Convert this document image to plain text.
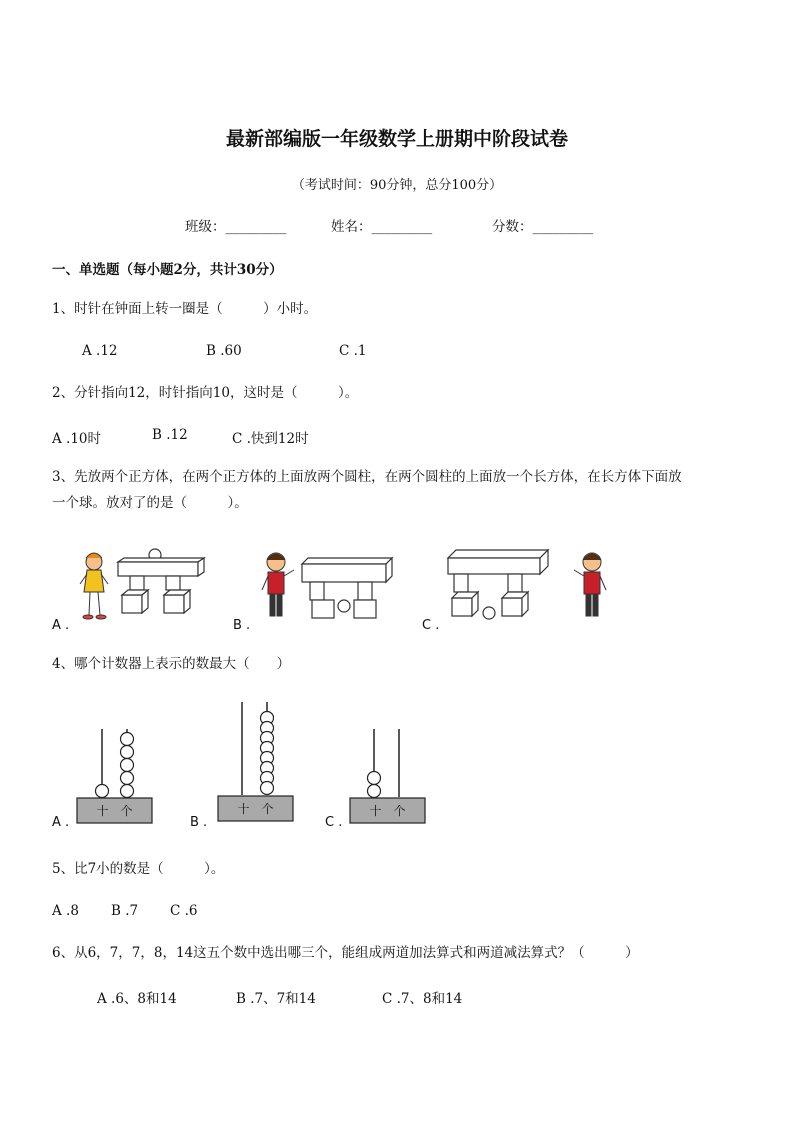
最新部编版一年级数学上册期中阶段试卷
（考试时间：90分钟，总分100分）
班级：_________	姓名：_________	分数：_________
一、单选题（每小题2分，共计30分）
1、时针在钟面上转一圈是（　　　）小时。
A .12	B .60	C .1
2、分针指向12，时针指向10，这时是（　　　）。
A .10时	B .12	C .快到12时
3、先放两个正方体，在两个正方体的上面放两个圆柱，在两个圆柱的上面放一个长方体，在长方体下面放
一个球。放对了的是（　　　）。
A .	B .	C .
4、哪个计数器上表示的数最大（　　）
十　个
A .
十　个
B .
十　个
C .
5、比7小的数是（　　　）。
A .8 B .7 C .6
6、从6，7，7，8，14这五个数中选出哪三个，能组成两道加法算式和两道减法算式？（　　　）
A .6、8和14	B .7、7和14	C .7、8和14
